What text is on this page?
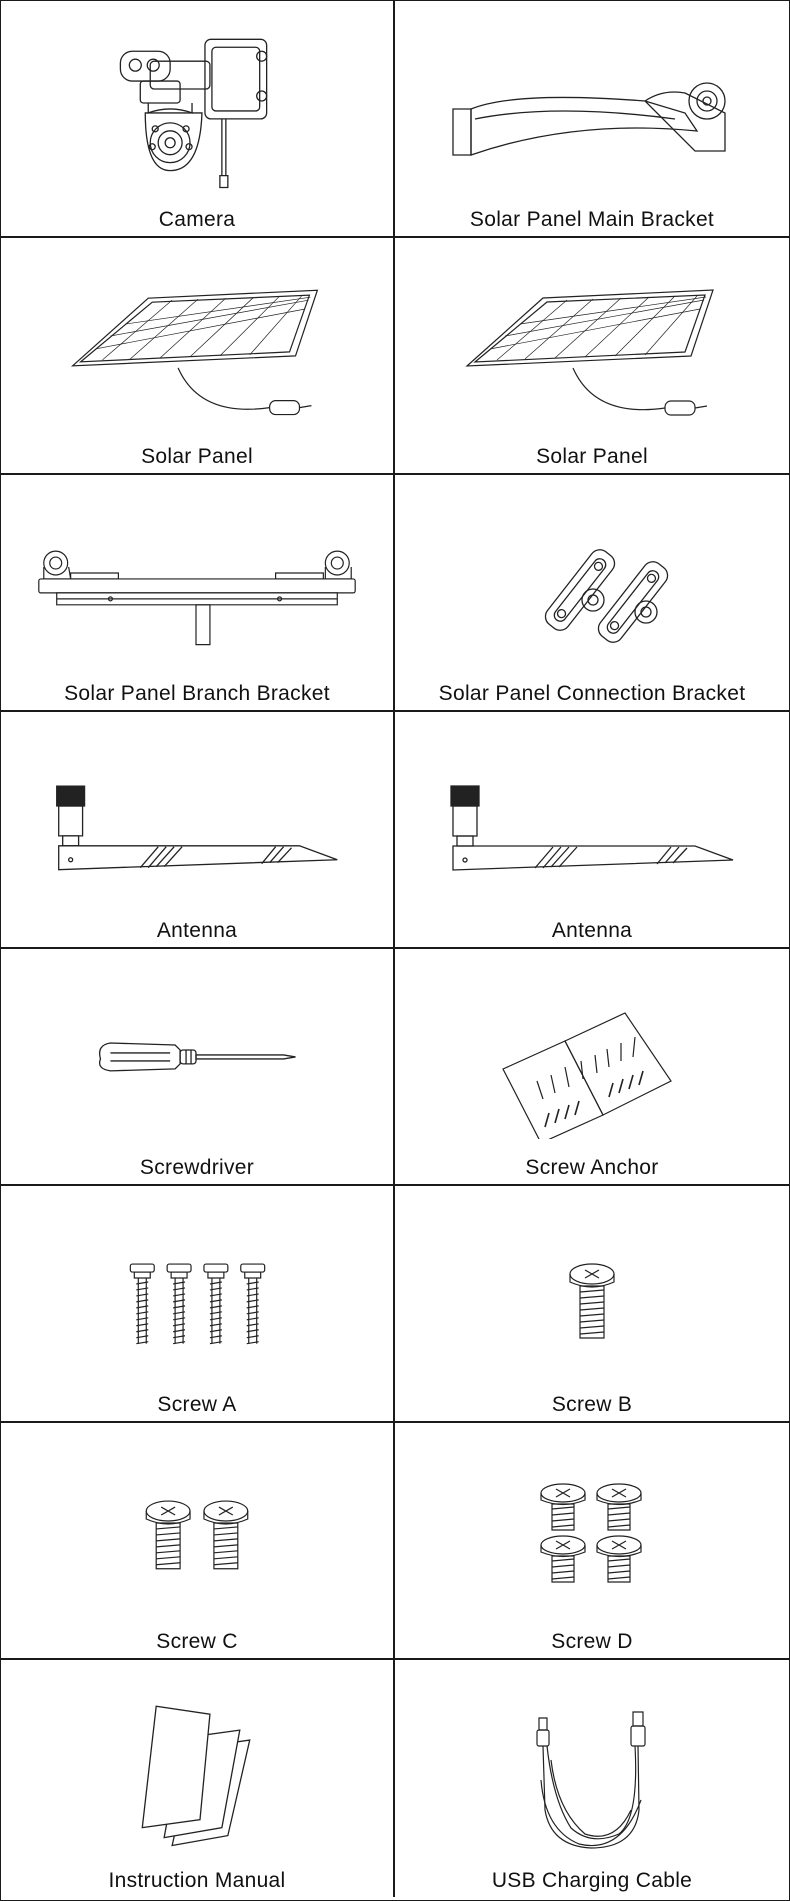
Camera	Solar Panel Main Bracket
Solar Panel	Solar Panel
Solar Panel Branch Bracket	Solar Panel Connection Bracket
Antenna	Antenna
Screwdriver	Screw Anchor
Screw A	Screw B
Screw C	Screw D
Instruction Manual	USB Charging Cable
